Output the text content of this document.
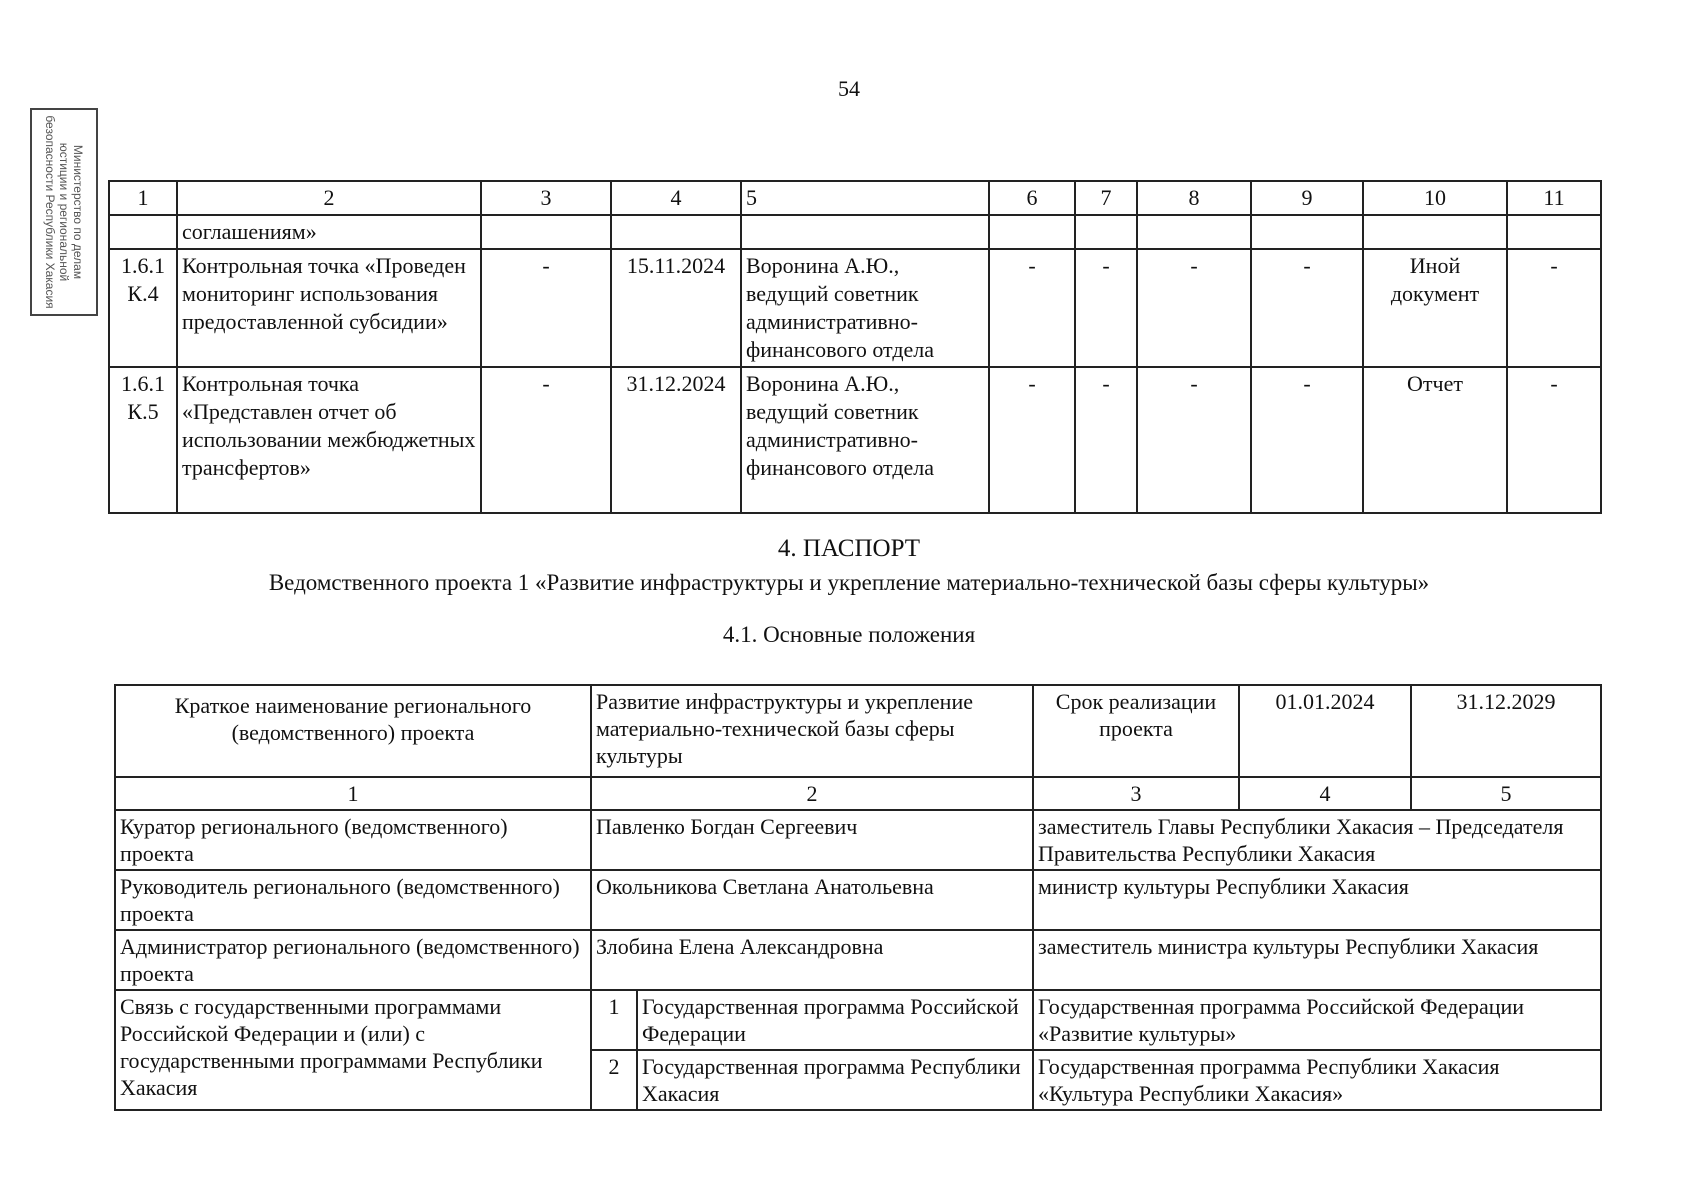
54
Министерство по делам
юстиции и региональной
безопасности Республики Хакасия	1	2	3	4	5	6	7	8	9	10	11
	соглашениям»									
1.6.1 К.4	Контрольная точка «Проведен мониторинг использования предоставленной субсидии»	-	15.11.2024	Воронина А.Ю., ведущий советник административно-финансового отдела	-	-	-	-	Иной документ	-
1.6.1 К.5	Контрольная точка «Представлен отчет об использовании межбюджетных трансфертов»	-	31.12.2024	Воронина А.Ю., ведущий советник административно-финансового отдела	-	-	-	-	Отчет	-
4. ПАСПОРТ
Ведомственного проекта 1 «Развитие инфраструктуры и укрепление материально-технической базы сферы культуры»
4.1. Основные положения
Краткое наименование регионального (ведомственного) проекта	Развитие инфраструктуры и укрепление материально-технической базы сферы культуры		Срок реализации проекта	01.01.2024	31.12.2029
1	2		3	4	5
Куратор регионального (ведомственного) проекта	Павленко Богдан Сергеевич		заместитель Главы Республики Хакасия – Председателя Правительства Республики Хакасия		
Руководитель регионального (ведомственного) проекта	Окольникова Светлана Анатольевна		министр культуры Республики Хакасия		
Администратор регионального (ведомственного) проекта	Злобина Елена Александровна		заместитель министра культуры Республики Хакасия		
Связь с государственными программами Российской Федерации и (или) с государственными программами Республики Хакасия	1	Государственная программа Российской Федерации	Государственная программа Российской Федерации «Развитие культуры»		
	2	Государственная программа Республики Хакасия	Государственная программа Республики Хакасия «Культура Республики Хакасия»		
